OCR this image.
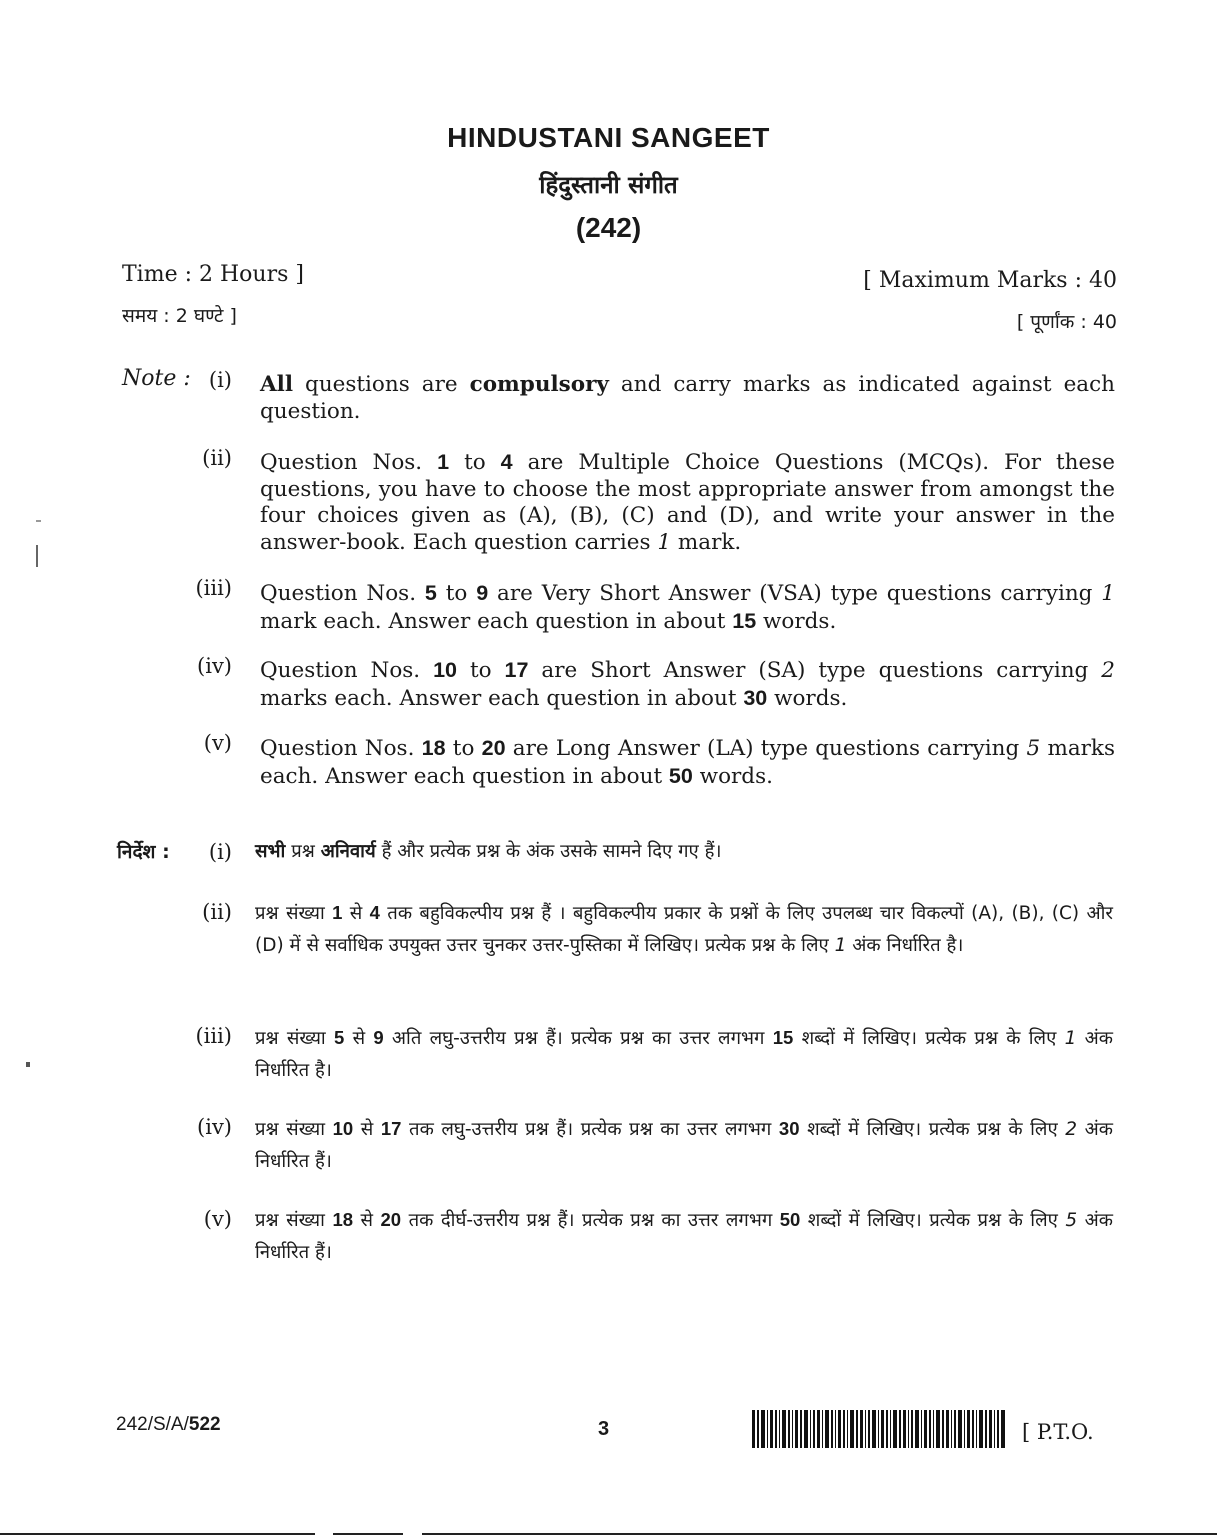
HINDUSTANI SANGEET
हिंदुस्तानी संगीत
(242)
Time : 2 Hours ]
समय : 2 घण्टे ]
[ Maximum Marks : 40
[ पूर्णांक : 40
Note : (i) All questions are compulsory and carry marks as indicated against each question.
(ii) Question Nos. 1 to 4 are Multiple Choice Questions (MCQs). For these questions, you have to choose the most appropriate answer from amongst the four choices given as (A), (B), (C) and (D), and write your answer in the answer-book. Each question carries 1 mark.
(iii) Question Nos. 5 to 9 are Very Short Answer (VSA) type questions carrying 1 mark each. Answer each question in about 15 words.
(iv) Question Nos. 10 to 17 are Short Answer (SA) type questions carrying 2 marks each. Answer each question in about 30 words.
(v) Question Nos. 18 to 20 are Long Answer (LA) type questions carrying 5 marks each. Answer each question in about 50 words.
निर्देश :	(i) सभी प्रश्न अनिवार्य हैं और प्रत्येक प्रश्न के अंक उसके सामने दिए गए हैं।
(ii) प्रश्न संख्या 1 से 4 तक बहुविकल्पीय प्रश्न हैं । बहुविकल्पीय प्रकार के प्रश्नों के लिए उपलब्ध चार विकल्पों (A), (B), (C) और (D) में से सर्वाधिक उपयुक्त उत्तर चुनकर उत्तर-पुस्तिका में लिखिए। प्रत्येक प्रश्न के लिए 1 अंक निर्धारित है।
(iii) प्रश्न संख्या 5 से 9 अति लघु-उत्तरीय प्रश्न हैं। प्रत्येक प्रश्न का उत्तर लगभग 15 शब्दों में लिखिए। प्रत्येक प्रश्न के लिए 1 अंक निर्धारित है।
(iv) प्रश्न संख्या 10 से 17 तक लघु-उत्तरीय प्रश्न हैं। प्रत्येक प्रश्न का उत्तर लगभग 30 शब्दों में लिखिए। प्रत्येक प्रश्न के लिए 2 अंक निर्धारित हैं।
(v) प्रश्न संख्या 18 से 20 तक दीर्घ-उत्तरीय प्रश्न हैं। प्रत्येक प्रश्न का उत्तर लगभग 50 शब्दों में लिखिए। प्रत्येक प्रश्न के लिए 5 अंक निर्धारित हैं।
242/S/A/522	3	[ P.T.O.
